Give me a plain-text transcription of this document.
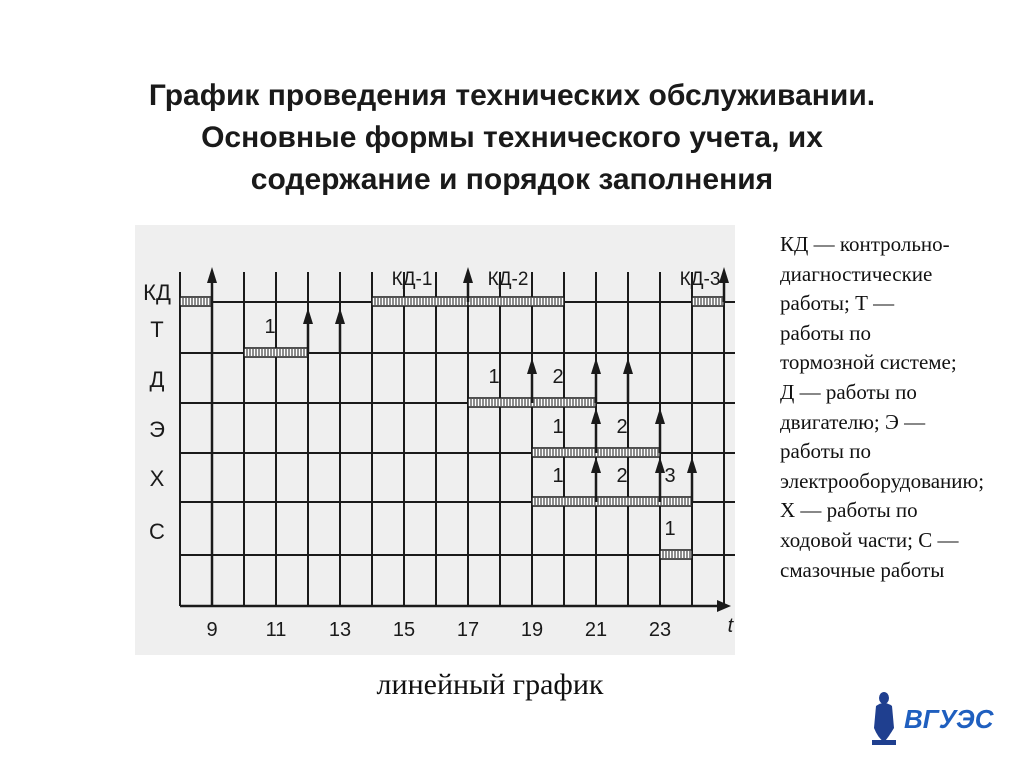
График проведения технических обслуживании.
Основные формы технического учета, их
содержание и порядок заполнения
КД
Т
Д
Э
Х
С
9 11 13 15 17 19 21 23	t
1
1	2
1	2
1	2 3
1
КД-1	КД-2	КД-3
линейный график

КД — контрольно-диагностические работы; Т — работы по тормозной системе; Д — работы по двигателю; Э — работы по электрооборудованию; Х — работы по ходовой части; С — смазочные работы

ВГУЭС
